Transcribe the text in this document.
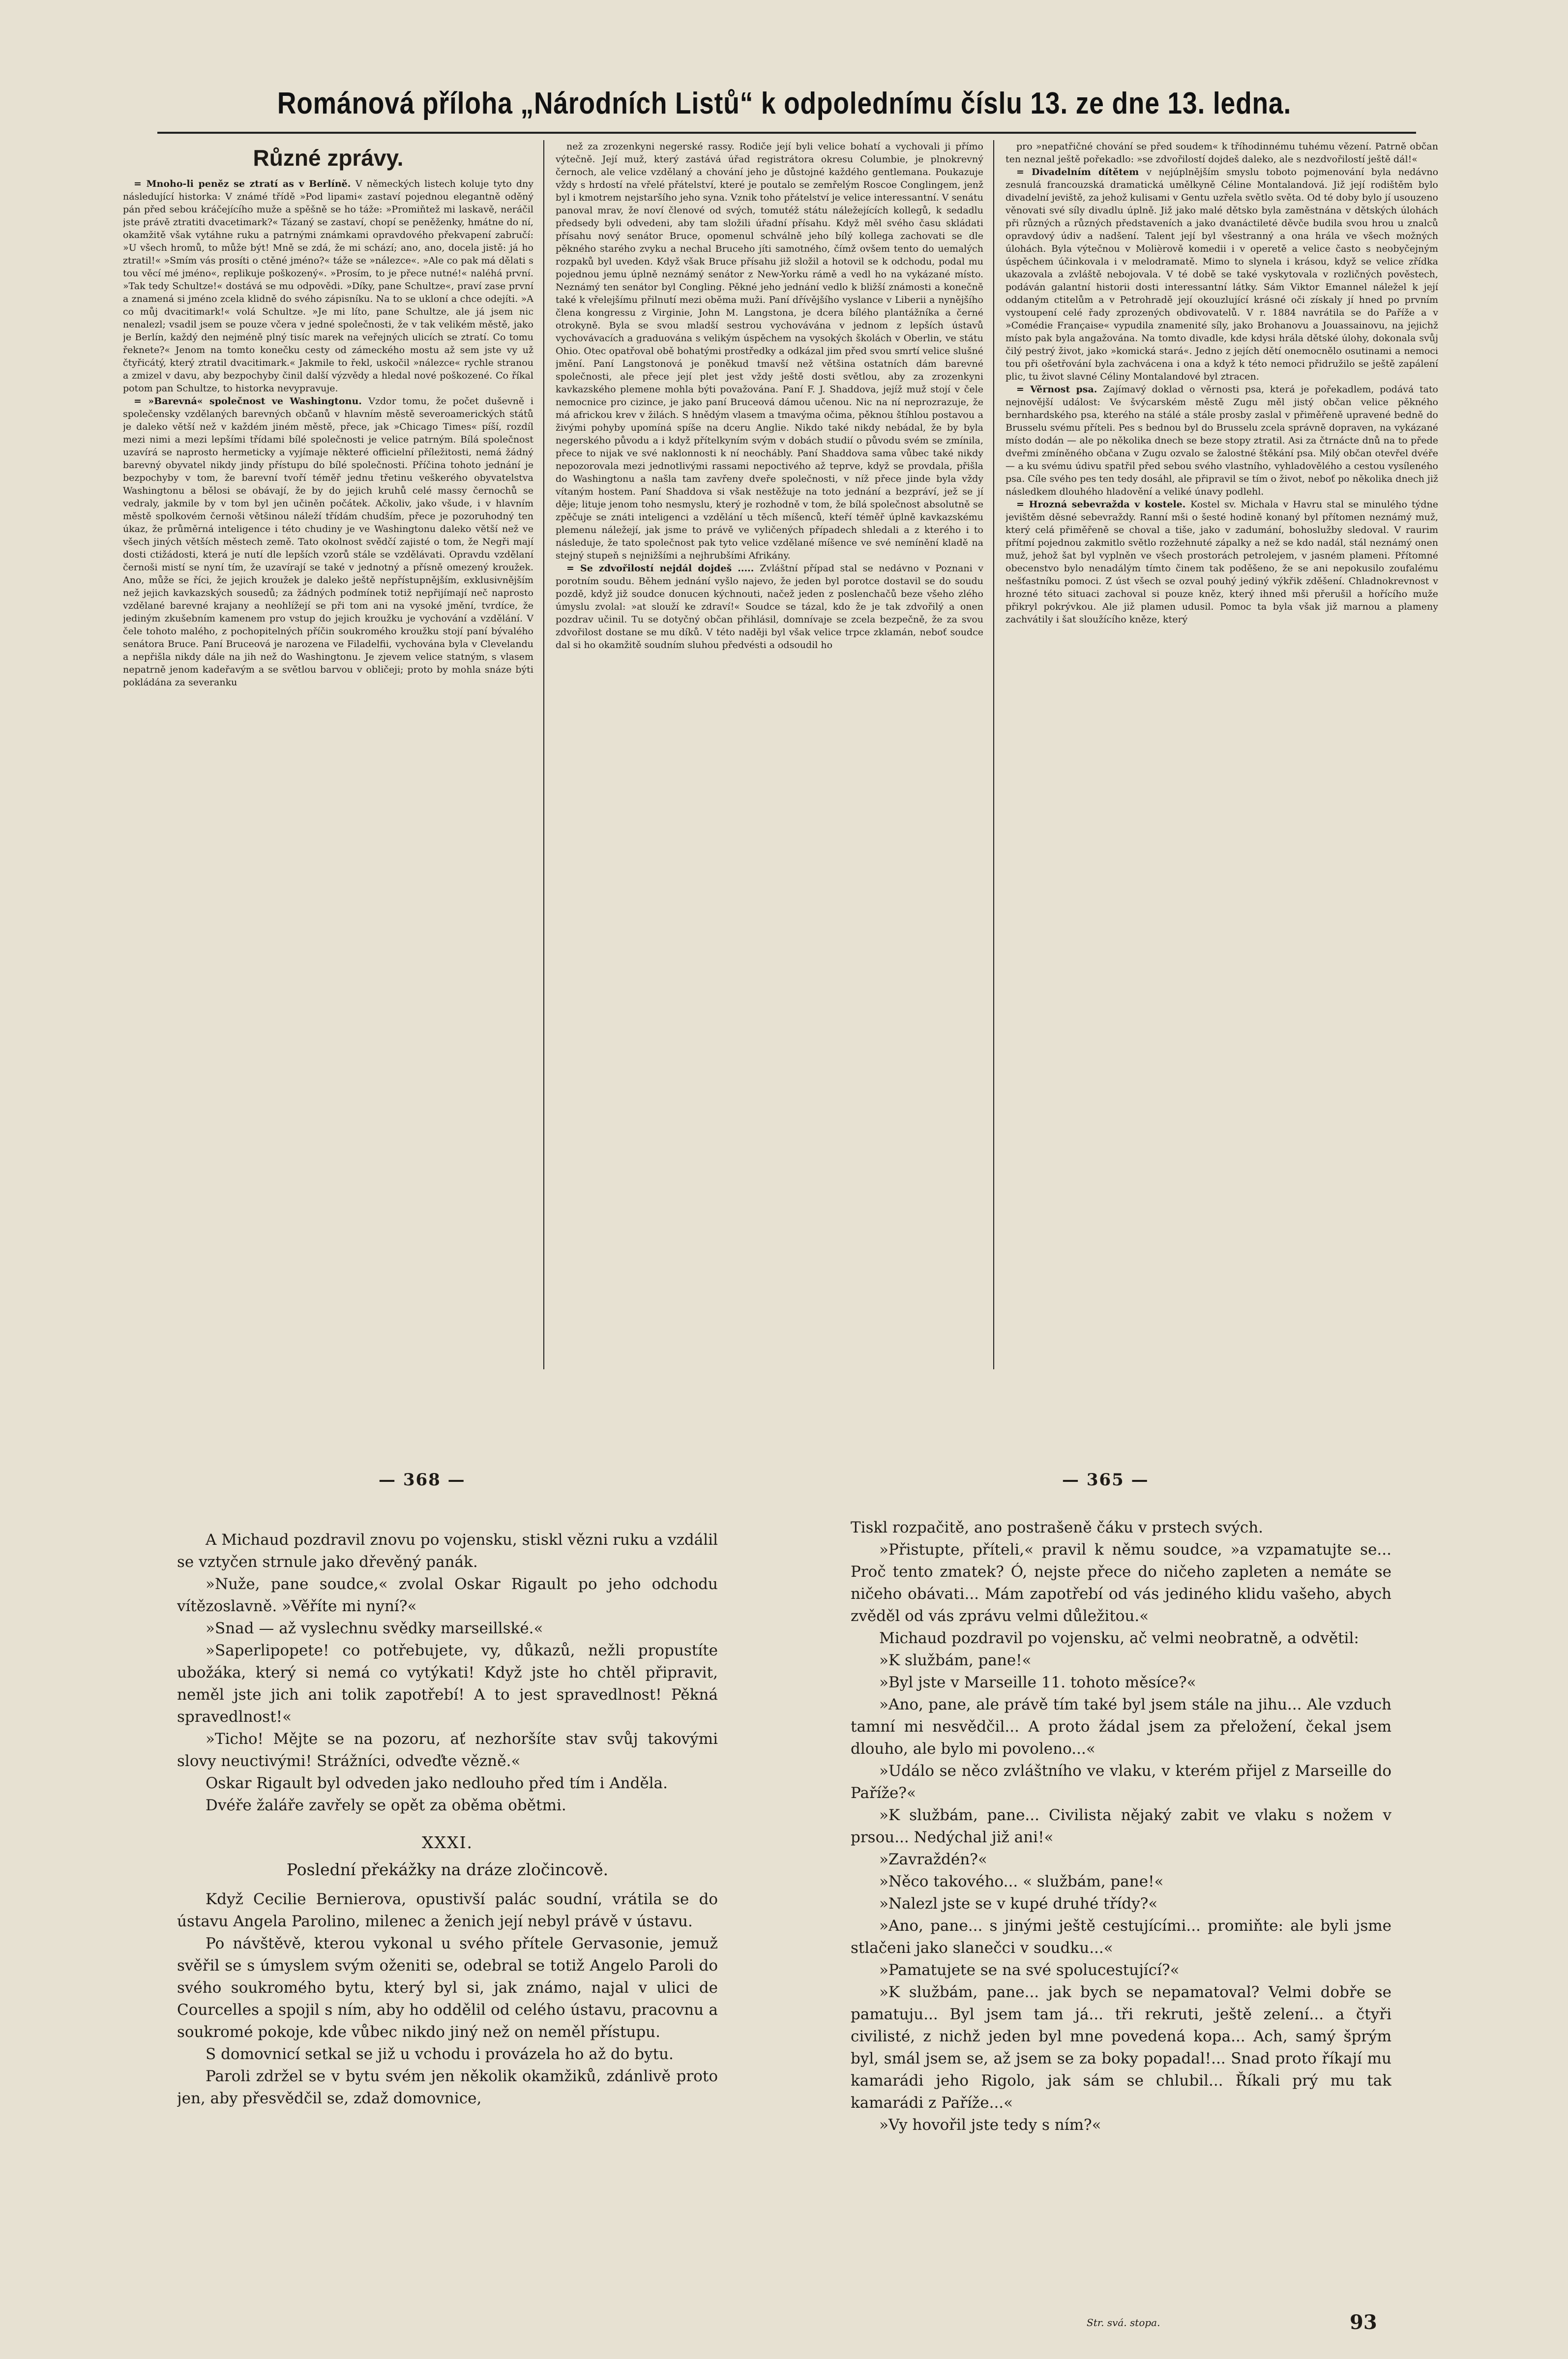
Románová příloha „Národních Listů“ k odpolednímu číslu 13. ze dne 13. ledna.

Různé zprávy.

= Mnoho-li peněz se ztratí as v Berlíně. V německých listech koluje tyto dny následující historka: V známé třídě »Pod lipami« zastaví pojednou elegantně oděný pán před sebou kráčejícího muže a spěšně se ho táže: »Promiňtež mi laskavě, neráčil jste právě ztratiti dvacetimark?« Tázaný se zastaví, chopí se peněženky, hmátne do ní, okamžitě však vytáhne ruku a patrnými známkami opravdového překvapení zabručí: »U všech hromů, to může být! Mně se zdá, že mi schází; ano, ano, docela jistě: já ho ztratil!« »Smím vás prosíti o ctěné jméno?« táže se »nálezce«. »Ale co pak má dělati s tou věcí mé jméno«, replikuje poškozený«. »Prosím, to je přece nutné!« naléhá první. »Tak tedy Schultze!« dostává se mu odpovědi. »Díky, pane Schultze«, praví zase první a znamená si jméno zcela klidně do svého zápisníku. Na to se ukloní a chce odejíti. »A co můj dvacitimark!« volá Schultze. »Je mi líto, pane Schultze, ale já jsem nic nenalezl; vsadil jsem se pouze včera v jedné společnosti, že v tak velikém městě, jako je Berlín, každý den nejméně plný tisíc marek na veřejných ulicích se ztratí. Co tomu řeknete?« Jenom na tomto konečku cesty od zámeckého mostu až sem jste vy už čtyřicátý, který ztratil dvacitimark.« Jakmile to řekl, uskočil »nálezce« rychle stranou a zmizel v davu, aby bezpochyby činil další výzvědy a hledal nové poškozené. Co říkal potom pan Schultze, to historka nevypravuje.

= »Barevná« společnost ve Washingtonu. Vzdor tomu, že počet duševně i společensky vzdělaných barevných občanů v hlavním městě severoamerických států je daleko větší než v každém jiném městě, přece, jak »Chicago Times« píší, rozdíl mezi nimi a mezi lepšími třídami bílé společnosti je velice patrným. Bílá společnost uzavírá se naprosto hermeticky a vyjímaje některé officielní příležitosti, nemá žádný barevný obyvatel nikdy jindy přístupu do bílé společnosti. Příčina tohoto jednání je bezpochyby v tom, že barevní tvoří téměř jednu třetinu veškerého obyvatelstva Washingtonu a bělosi se obávají, že by do jejich kruhů celé massy černochů se vedraly, jakmile by v tom byl jen učiněn počátek. Ačkoliv, jako všude, i v hlavním městě spolkovém černoši většinou náleží třídám chudším, přece je pozoruhodný ten úkaz, že průměrná inteligence i této chudiny je ve Washingtonu daleko větší než ve všech jiných větších městech země. Tato okolnost svědčí zajisté o tom, že Negři mají dosti ctižádosti, která je nutí dle lepších vzorů stále se vzdělávati. Opravdu vzdělaní černoši mistí se nyní tím, že uzavírají se také v jednotný a přísně omezený kroužek. Ano, může se říci, že jejich kroužek je daleko ještě nepřístupnějším, exklusivnějším než jejich kavkazských sousedů; za žádných podmínek totiž nepřijímají neč naprosto vzdělané barevné krajany a neohlížejí se při tom ani na vysoké jmění, tvrdíce, že jediným zkušebním kamenem pro vstup do jejich kroužku je vychování a vzdělání. V čele tohoto malého, z pochopitelných příčin soukromého kroužku stojí paní bývalého senátora Bruce. Paní Bruceová je narozena ve Filadelfii, vychována byla v Clevelandu a nepřišla nikdy dále na jih než do Washingtonu. Je zjevem velice statným, s vlasem nepatrně jenom kadeřavým a se světlou barvou v obličeji; proto by mohla snáze býti pokládána za severanku

než za zrozenkyni negerské rassy. Rodiče její byli velice bohatí a vychovali ji přímo výtečně. Její muž, který zastává úřad registrátora okresu Columbie, je plnokrevný černoch, ale velice vzdělaný a chování jeho je důstojné každého gentlemana. Poukazuje vždy s hrdostí na vřelé přátelství, které je poutalo se zemřelým Roscoe Conglingem, jenž byl i kmotrem nejstaršího jeho syna. Vznik toho přátelství je velice interessantní. V senátu panoval mrav, že noví členové od svých, tomutéž státu náležejících kollegů, k sedadlu předsedy byli odvedeni, aby tam složili úřadní přísahu. Když měl svého času skládati přísahu nový senátor Bruce, opomenul schválně jeho bílý kollega zachovati se dle pěkného starého zvyku a nechal Bruceho jíti samotného, čímž ovšem tento do uemalých rozpaků byl uveden. Když však Bruce přísahu již složil a hotovil se k odchodu, podal mu pojednou jemu úplně neznámý senátor z New-Yorku rámě a vedl ho na vykázané místo. Neznámý ten senátor byl Congling. Pěkné jeho jednání vedlo k bližší známosti a konečně také k vřelejšímu přilnutí mezi oběma muži. Paní dřívějšího vyslance v Liberii a nynějšího člena kongressu z Virginie, John M. Langstona, je dcera bílého plantážníka a černé otrokyně. Byla se svou mladší sestrou vychovávána v jednom z lepších ústavů vychovávacích a graduována s velikým úspěchem na vysokých školách v Oberlin, ve státu Ohio. Otec opatřoval obě bohatými prostředky a odkázal jim před svou smrtí velice slušné jmění. Paní Langstonová je poněkud tmavší než většina ostatních dám barevné společnosti, ale přece její plet jest vždy ještě dosti světlou, aby za zrozenkyni kavkazského plemene mohla býti považována. Paní F. J. Shaddova, jejíž muž stojí v čele nemocnice pro cizince, je jako paní Bruceová dámou učenou. Nic na ní neprozrazuje, že má africkou krev v žilách. S hnědým vlasem a tmavýma očima, pěknou štíhlou postavou a živými pohyby upomíná spíše na dceru Anglie. Nikdo také nikdy nebádal, že by byla negerského původu a i když přítelkyním svým v dobách studií o původu svém se zmínila, přece to nijak ve své naklonnosti k ní neochábly. Paní Shaddova sama vůbec také nikdy nepozorovala mezi jednotlivými rassami nepoctivého až teprve, když se provdala, přišla do Washingtonu a našla tam zavřeny dveře společnosti, v níž přece jinde byla vždy vítaným hostem. Paní Shaddova si však nestěžuje na toto jednání a bezpráví, jež se jí děje; lituje jenom toho nesmyslu, který je rozhodně v tom, že bílá společnost absolutně se zpěčuje se znáti inteligenci a vzdělání u těch míšenců, kteří téměř úplně kavkazskému plemenu náležejí, jak jsme to právě ve vyličených případech shledali a z kterého i to následuje, že tato společnost pak tyto velice vzdělané míšence ve své nemínění kladě na stejný stupeň s nejnižšími a nejhrubšími Afrikány.

= Se zdvořilostí nejdál dojdeš ..... Zvláštní případ stal se nedávno v Poznani v porotním soudu. Během jednání vyšlo najevo, že jeden byl porotce dostavil se do soudu pozdě, když již soudce donucen kýchnouti, načež jeden z poslenchačů beze všeho zlého úmyslu zvolal: »at slouží ke zdraví!« Soudce se tázal, kdo že je tak zdvořilý a onen pozdrav učinil. Tu se dotyčný občan přihlásil, domnívaje se zcela bezpečně, že za svou zdvořilost dostane se mu díků. V této naději byl však velice trpce zklamán, neboť soudce dal si ho okamžitě soudním sluhou předvésti a odsoudil ho

pro »nepatřičné chování se před soudem« k tříhodinnému tuhému vězení. Patrně občan ten neznal ještě pořekadlo: »se zdvořilostí dojdeš daleko, ale s nezdvořilostí ještě dál!«

= Divadelním dítětem v nejúplnějším smyslu toboto pojmenování byla nedávno zesnulá francouzská dramatická umělkyně Céline Montalandová. Již její rodištěm bylo divadelní jeviště, za jehož kulisami v Gentu uzřela světlo světa. Od té doby bylo jí usouzeno věnovati své síly divadlu úplně. Již jako malé dětsko byla zaměstnána v dětských úlohách při různých a různých představeních a jako dvanáctileté děvče budila svou hrou u znalců opravdový údiv a nadšení. Talent její byl všestranný a ona hrála ve všech možných úlohách. Byla výtečnou v Molièrově komedii i v operetě a velice často s neobyčejným úspěchem účinkovala i v melodramatě. Mimo to slynela i krásou, když se velice zřídka ukazovala a zvláště nebojovala. V té době se také vyskytovala v rozličných pověstech, podáván galantní historii dosti interessantní látky. Sám Viktor Emannel náležel k její oddaným ctitelům a v Petrohradě její okouzlující krásné oči získaly jí hned po prvním vystoupení celé řady zprozených obdivovatelů. V r. 1884 navrátila se do Paříže a v »Comédie Française« vypudila znamenité síly, jako Brohanovu a Jouassainovu, na jejichž místo pak byla angažována. Na tomto divadle, kde kdysi hrála dětské úlohy, dokonala svůj čilý pestrý život, jako »komická stará«. Jedno z jejích dětí onemocnělo osutinami a nemoci tou při ošetřování byla zachvácena i ona a když k této nemoci přidružilo se ještě zapálení plic, tu život slavné Céliny Montalandové byl ztracen.

= Věrnost psa. Zajímavý doklad o věrnosti psa, která je pořekadlem, podává tato nejnovější událost: Ve švýcarském městě Zugu měl jistý občan velice pěkného bernhardského psa, kterého na stálé a stále prosby zaslal v přiměřeně upravené bedně do Brusselu svému příteli. Pes s bednou byl do Brusselu zcela správně dopraven, na vykázané místo dodán — ale po několika dnech se beze stopy ztratil. Asi za čtrnácte dnů na to přede dveřmi zmíněného občana v Zugu ozvalo se žalostné štěkání psa. Milý občan otevřel dvéře — a ku svému údivu spatřil před sebou svého vlastního, vyhladovělého a cestou vysíleného psa. Cíle svého pes ten tedy dosáhl, ale připravil se tím o život, neboť po několika dnech již následkem dlouhého hladovění a veliké únavy podlehl.

= Hrozná sebevražda v kostele. Kostel sv. Michala v Havru stal se minulého týdne jevištěm děsné sebevraždy. Ranní mši o šesté hodině konaný byl přítomen neznámý muž, který celá přiměřeně se choval a tiše, jako v zadumání, bohoslužby sledoval. V raurim přítmí pojednou zakmitlo světlo rozžehnuté zápalky a než se kdo nadál, stál neznámý onen muž, jehož šat byl vyplněn ve všech prostorách petrolejem, v jasném plameni. Přítomné obecenstvo bylo nenadálým tímto činem tak poděšeno, že se ani nepokusilo zoufalému nešťastníku pomoci. Z úst všech se ozval pouhý jediný výkřik zděšení. Chladnokrevnost v hrozné této situaci zachoval si pouze kněz, který ihned mši přerušil a hořícího muže přikryl pokrývkou. Ale již plamen udusil. Pomoc ta byla však již marnou a plameny zachvátily i šat sloužícího kněze, který

— 368 —	— 365 —

A Michaud pozdravil znovu po vojensku, stiskl vězni ruku a vzdálil se vztyčen strnule jako dřevěný panák.

»Nuže, pane soudce,« zvolal Oskar Rigault po jeho odchodu vítězoslavně. »Věříte mi nyní?«

»Snad — až vyslechnu svědky marseillské.«

»Saperlipopete! co potřebujete, vy, důkazů, nežli propustíte ubožáka, který si nemá co vytýkati! Když jste ho chtěl připravit, neměl jste jich ani tolik zapotřebí! A to jest spravedlnost! Pěkná spravedlnost!«

»Ticho! Mějte se na pozoru, ať nezhoršíte stav svůj takovými slovy neuctivými! Strážníci, odveďte vězně.«

Oskar Rigault byl odveden jako nedlouho před tím i Anděla.

Dvéře žaláře zavřely se opět za oběma obětmi.

XXXI.

Poslední překážky na dráze zločincově.

Když Cecilie Bernierova, opustivší palác soudní, vrátila se do ústavu Angela Parolino, milenec a ženich její nebyl právě v ústavu.

Po návštěvě, kterou vykonal u svého přítele Gervasonie, jemuž svěřil se s úmyslem svým oženiti se, odebral se totiž Angelo Paroli do svého soukromého bytu, který byl si, jak známo, najal v ulici de Courcelles a spojil s ním, aby ho oddělil od celého ústavu, pracovnu a soukromé pokoje, kde vůbec nikdo jiný než on neměl přístupu.

S domovnicí setkal se již u vchodu i provázela ho až do bytu.

Paroli zdržel se v bytu svém jen několik okamžiků, zdánlivě proto jen, aby přesvědčil se, zdaž domovnice,

Tiskl rozpačitě, ano postrašeně čáku v prstech svých.

»Přistupte, příteli,« pravil k němu soudce, »a vzpamatujte se... Proč tento zmatek? Ó, nejste přece do ničeho zapleten a nemáte se ničeho obávati... Mám zapotřebí od vás jediného klidu vašeho, abych zvěděl od vás zprávu velmi důležitou.«

Michaud pozdravil po vojensku, ač velmi neobratně, a odvětil:

»K službám, pane!«

»Byl jste v Marseille 11. tohoto měsíce?«

»Ano, pane, ale právě tím také byl jsem stále na jihu... Ale vzduch tamní mi nesvědčil... A proto žádal jsem za přeložení, čekal jsem dlouho, ale bylo mi povoleno...«

»Událo se něco zvláštního ve vlaku, v kterém přijel z Marseille do Paříže?«

»K službám, pane... Civilista nějaký zabit ve vlaku s nožem v prsou... Nedýchal již ani!«

»Zavraždén?«

»Něco takového... « službám, pane!«

»Nalezl jste se v kupé druhé třídy?«

»Ano, pane... s jinými ještě cestujícími... promiňte: ale byli jsme stlačeni jako slanečci v soudku...«

»Pamatujete se na své spolucestující?«

»K službám, pane... jak bych se nepamatoval? Velmi dobře se pamatuju... Byl jsem tam já... tři rekruti, ještě zelení... a čtyři civilisté, z nichž jeden byl mne povedená kopa... Ach, samý šprým byl, smál jsem se, až jsem se za boky popadal!... Snad proto říkají mu kamarádi jeho Rigolo, jak sám se chlubil... Říkali prý mu tak kamarádi z Paříže...«

»Vy hovořil jste tedy s ním?«

Str. svá. stopa.	93
